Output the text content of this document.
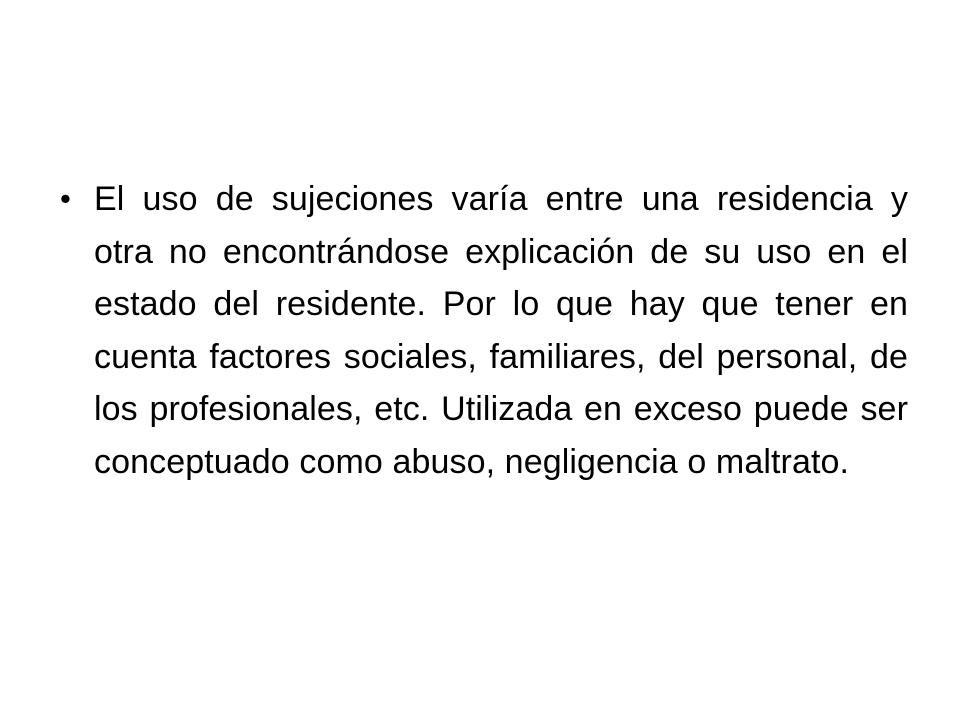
• El uso de sujeciones varía entre una residencia y otra no encontrándose explicación de su uso en el estado del residente. Por lo que hay que tener en cuenta factores sociales, familiares, del personal, de los profesionales, etc. Utilizada en exceso puede ser conceptuado como abuso, negligencia o maltrato.
